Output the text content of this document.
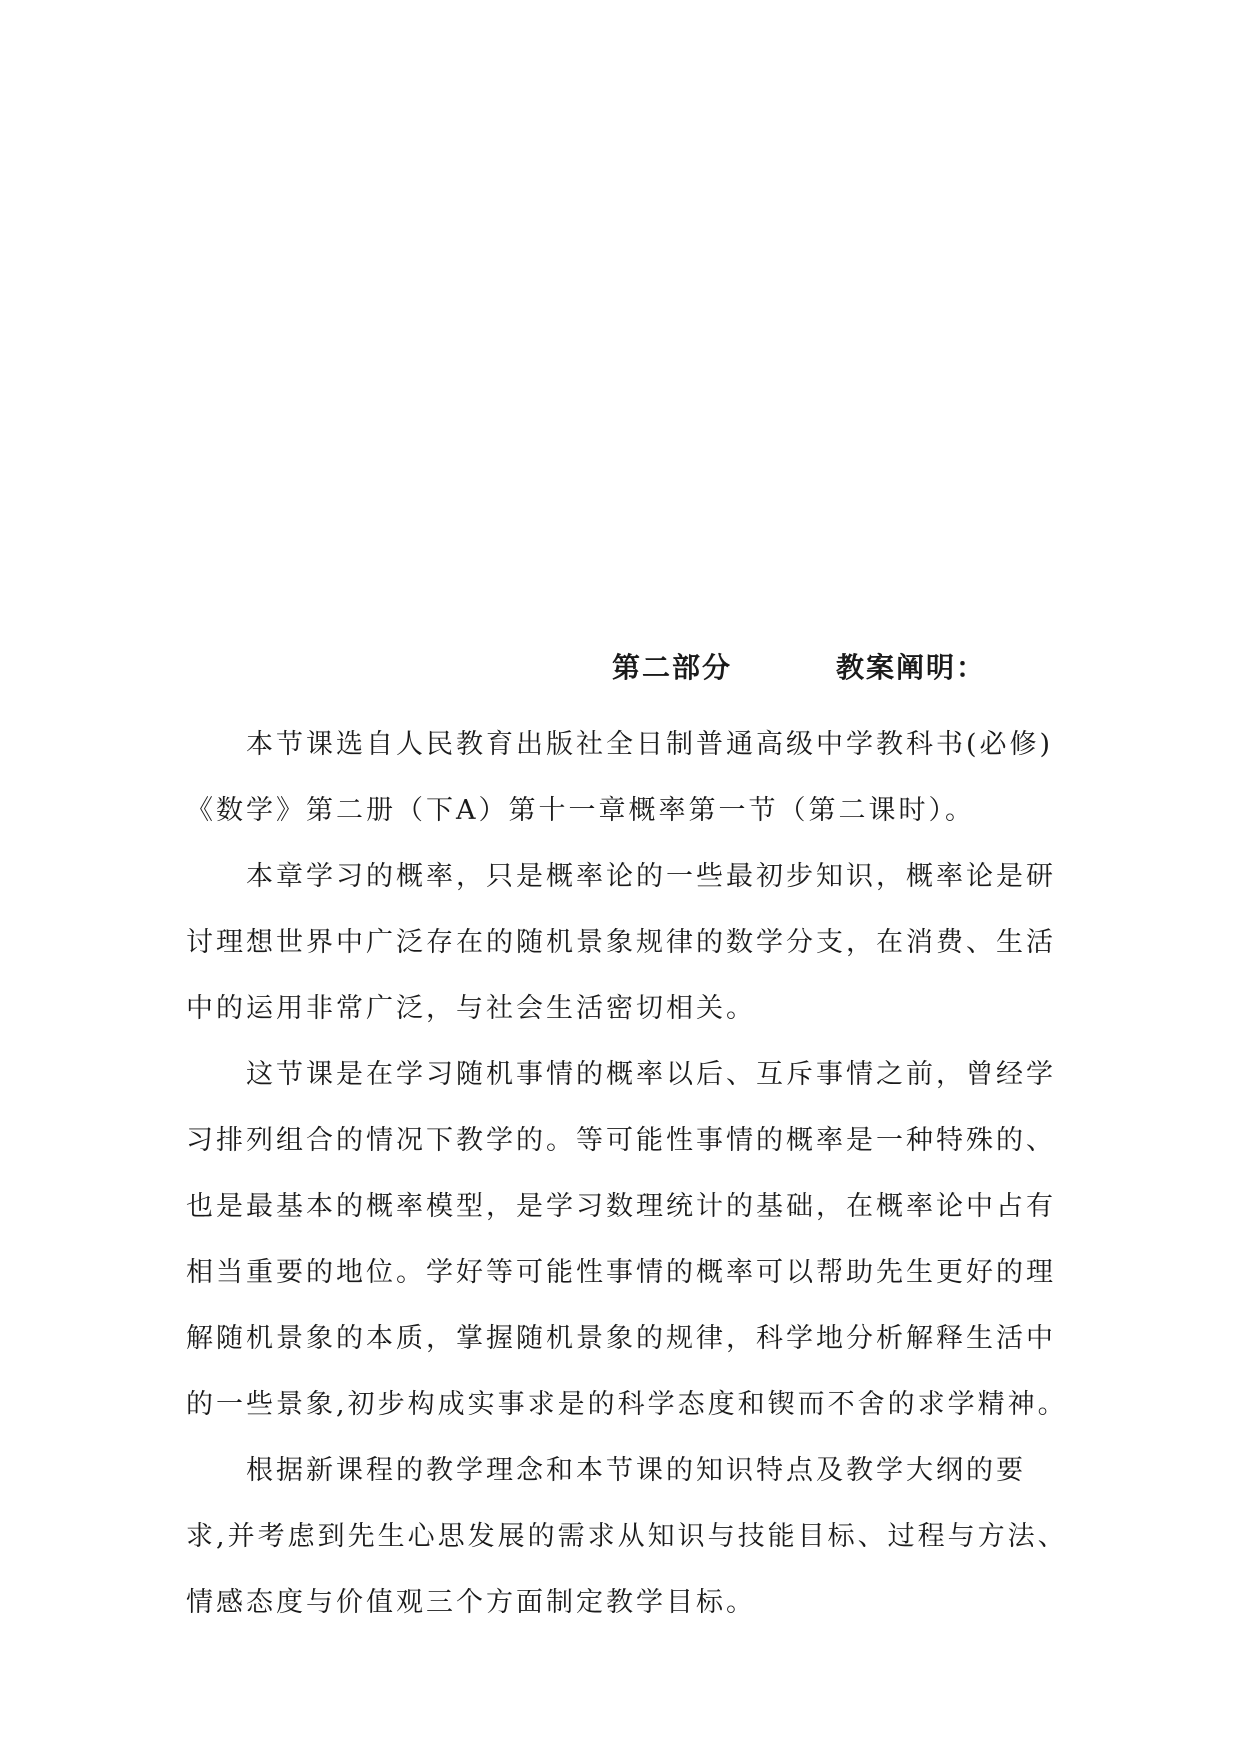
第二部分	教案阐明：
本节课选自人民教育出版社全日制普通高级中学教科书(必修)
《数学》第二册（下A）第十一章概率第一节（第二课时）。
本章学习的概率，只是概率论的一些最初步知识，概率论是研
讨理想世界中广泛存在的随机景象规律的数学分支，在消费、生活
中的运用非常广泛，与社会生活密切相关。
这节课是在学习随机事情的概率以后、互斥事情之前，曾经学
习排列组合的情况下教学的。等可能性事情的概率是一种特殊的、
也是最基本的概率模型，是学习数理统计的基础，在概率论中占有
相当重要的地位。学好等可能性事情的概率可以帮助先生更好的理
解随机景象的本质，掌握随机景象的规律，科学地分析解释生活中
的一些景象,初步构成实事求是的科学态度和锲而不舍的求学精神。
根据新课程的教学理念和本节课的知识特点及教学大纲的要
求,并考虑到先生心思发展的需求从知识与技能目标、过程与方法、
情感态度与价值观三个方面制定教学目标。
